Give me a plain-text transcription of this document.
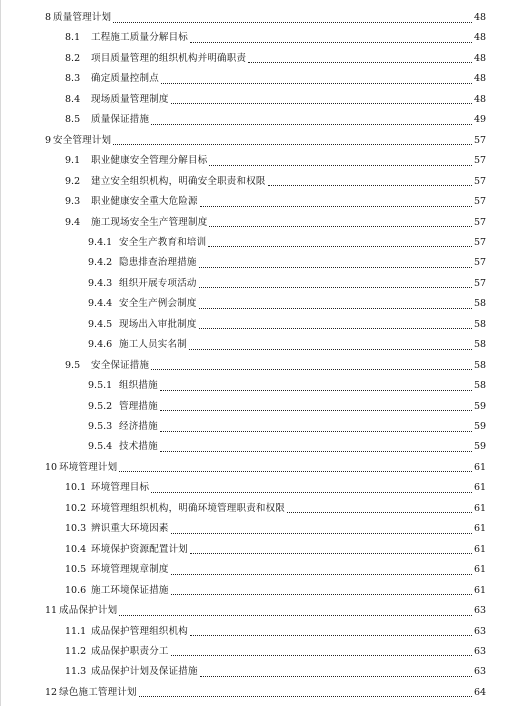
8 质量管理计划	48
8.1	工程施工质量分解目标	48
8.2	项目质量管理的组织机构并明确职责	48
8.3	确定质量控制点	48
8.4	现场质量管理制度	48
8.5	质量保证措施	49
9 安全管理计划	57
9.1	职业健康安全管理分解目标	57
9.2	建立安全组织机构，明确安全职责和权限	57
9.3	职业健康安全重大危险源	57
9.4	施工现场安全生产管理制度	57
9.4.1 安全生产教育和培训	57
9.4.2 隐患排查治理措施	57
9.4.3 组织开展专项活动	57
9.4.4 安全生产例会制度	58
9.4.5 现场出入审批制度	58
9.4.6 施工人员实名制	58
9.5	安全保证措施	58
9.5.1 组织措施	58
9.5.2 管理措施	59
9.5.3 经济措施	59
9.5.4 技术措施	59
10 环境管理计划	61
10.1 环境管理目标	61
10.2 环境管理组织机构，明确环境管理职责和权限	61
10.3 辨识重大环境因素	61
10.4 环境保护资源配置计划	61
10.5 环境管理规章制度	61
10.6 施工环境保证措施	61
11 成品保护计划	63
11.1 成品保护管理组织机构	63
11.2 成品保护职责分工	63
11.3 成品保护计划及保证措施	63
12 绿色施工管理计划	64
